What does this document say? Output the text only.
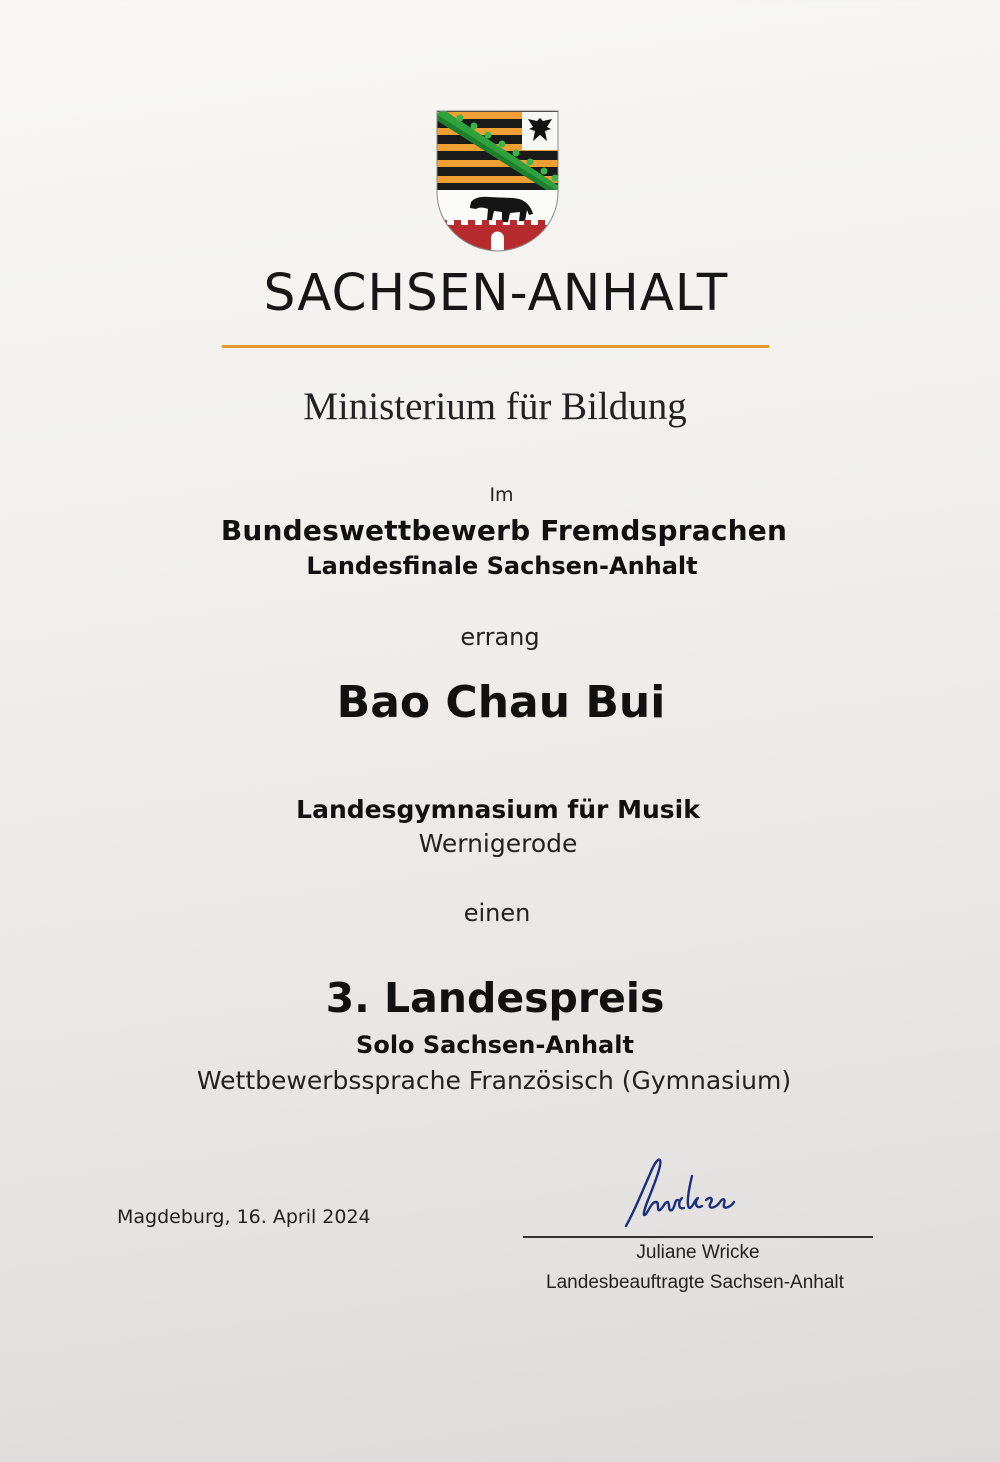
SACHSEN-ANHALT
Ministerium für Bildung
Im
Bundeswettbewerb Fremdsprachen
Landesfinale Sachsen-Anhalt
errang
Bao Chau Bui
Landesgymnasium für Musik
Wernigerode
einen
3. Landespreis
Solo Sachsen-Anhalt
Wettbewerbssprache Französisch (Gymnasium)
Magdeburg, 16. April 2024
Juliane Wricke
Landesbeauftragte Sachsen-Anhalt
